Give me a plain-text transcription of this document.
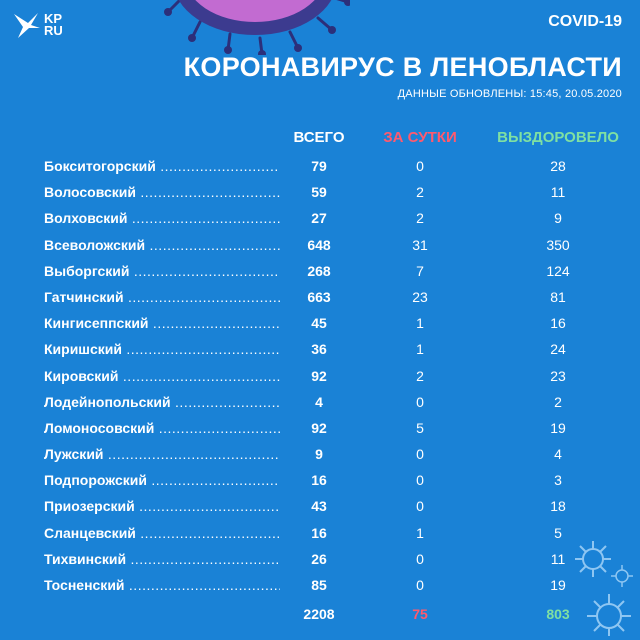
KP
RU
COVID-19
КОРОНАВИРУС В ЛЕНОБЛАСТИ
ДАННЫЕ ОБНОВЛЕНЫ: 15:45, 20.05.2020
ВСЕГО	ЗА СУТКИ	ВЫЗДОРОВЕЛО
Бокситогорский .....	79	0	28
Волосовский .....	59	2	11
Волховский .....	27	2	9
Всеволожский .....	648	31	350
Выборгский .....	268	7	124
Гатчинский .....	663	23	81
Кингисеппский .....	45	1	16
Киришский .....	36	1	24
Кировский .....	92	2	23
Лодейнопольский .....	4	0	2
Ломоносовский .....	92	5	19
Лужский .....	9	0	4
Подпорожский .....	16	0	3
Приозерский .....	43	0	18
Сланцевский .....	16	1	5
Тихвинский .....	26	0	11
Тосненский .....	85	0	19
2208	75	803
